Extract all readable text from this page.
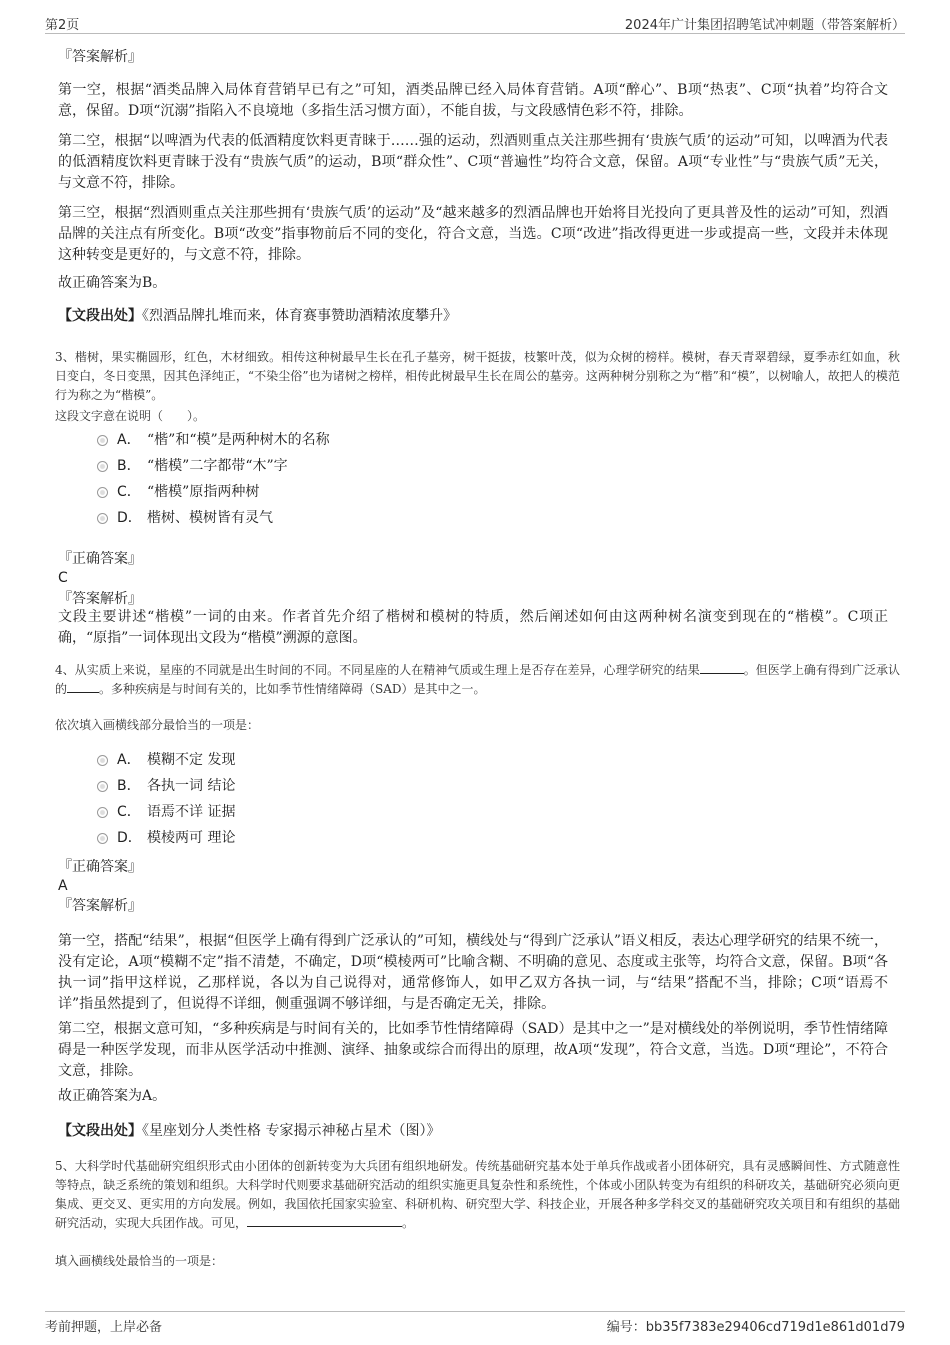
第2页	2024年广计集团招聘笔试冲刺题（带答案解析）
『答案解析』
第一空，根据“酒类品牌入局体育营销早已有之”可知，酒类品牌已经入局体育营销。A项“醉心”、B项“热衷”、C项“执着”均符合文意，保留。D项“沉溺”指陷入不良境地（多指生活习惯方面），不能自拔，与文段感情色彩不符，排除。
第二空，根据“以啤酒为代表的低酒精度饮料更青睐于……强的运动，烈酒则重点关注那些拥有‘贵族气质’的运动”可知，以啤酒为代表的低酒精度饮料更青睐于没有“贵族气质”的运动，B项“群众性”、C项“普遍性”均符合文意，保留。A项“专业性”与“贵族气质”无关，与文意不符，排除。
第三空，根据“烈酒则重点关注那些拥有‘贵族气质’的运动”及“越来越多的烈酒品牌也开始将目光投向了更具普及性的运动”可知，烈酒品牌的关注点有所变化。B项“改变”指事物前后不同的变化，符合文意，当选。C项“改进”指改得更进一步或提高一些，文段并未体现这种转变是更好的，与文意不符，排除。
故正确答案为B。
【文段出处】《烈酒品牌扎堆而来，体育赛事赞助酒精浓度攀升》
3、楷树，果实椭圆形，红色，木材细致。相传这种树最早生长在孔子墓旁，树干挺拔，枝繁叶茂，似为众树的榜样。模树，春天青翠碧绿，夏季赤红如血，秋日变白，冬日变黑，因其色泽纯正，“不染尘俗”也为诸树之榜样，相传此树最早生长在周公的墓旁。这两种树分别称之为“楷”和“模”，以树喻人，故把人的模范行为称之为“楷模”。
这段文字意在说明（　　）。
A． “楷”和“模”是两种树木的名称
B． “楷模”二字都带“木”字
C． “楷模”原指两种树
D． 楷树、模树皆有灵气
『正确答案』
C
『答案解析』
文段主要讲述“楷模”一词的由来。作者首先介绍了楷树和模树的特质，然后阐述如何由这两种树名演变到现在的“楷模”。C项正确，“原指”一词体现出文段为“楷模”溯源的意图。
4、从实质上来说，星座的不同就是出生时间的不同。不同星座的人在精神气质或生理上是否存在差异，心理学研究的结果	。但医学上确有得到广泛承认的	。多种疾病是与时间有关的，比如季节性情绪障碍（SAD）是其中之一。
依次填入画横线部分最恰当的一项是：
A． 模糊不定 发现
B． 各执一词 结论
C． 语焉不详 证据
D． 模棱两可 理论
『正确答案』
A
『答案解析』
第一空，搭配“结果”，根据“但医学上确有得到广泛承认的”可知，横线处与“得到广泛承认”语义相反，表达心理学研究的结果不统一，没有定论，A项“模糊不定”指不清楚，不确定，D项“模棱两可”比喻含糊、不明确的意见、态度或主张等，均符合文意，保留。B项“各执一词”指甲这样说，乙那样说，各以为自己说得对，通常修饰人，如甲乙双方各执一词，与“结果”搭配不当，排除；C项“语焉不详”指虽然提到了，但说得不详细，侧重强调不够详细，与是否确定无关，排除。
第二空，根据文意可知，“多种疾病是与时间有关的，比如季节性情绪障碍（SAD）是其中之一”是对横线处的举例说明，季节性情绪障碍是一种医学发现，而非从医学活动中推测、演绎、抽象或综合而得出的原理，故A项“发现”，符合文意，当选。D项“理论”，不符合文意，排除。
故正确答案为A。
【文段出处】《星座划分人类性格 专家揭示神秘占星术（图）》
5、大科学时代基础研究组织形式由小团体的创新转变为大兵团有组织地研发。传统基础研究基本处于单兵作战或者小团体研究，具有灵感瞬间性、方式随意性等特点，缺乏系统的策划和组织。大科学时代则要求基础研究活动的组织实施更具复杂性和系统性，个体或小团队转变为有组织的科研攻关，基础研究必须向更集成、更交叉、更实用的方向发展。例如，我国依托国家实验室、科研机构、研究型大学、科技企业，开展各种多学科交叉的基础研究攻关项目和有组织的基础研究活动，实现大兵团作战。可见，	。
填入画横线处最恰当的一项是：
考前押题，上岸必备	编号：bb35f7383e29406cd719d1e861d01d79
